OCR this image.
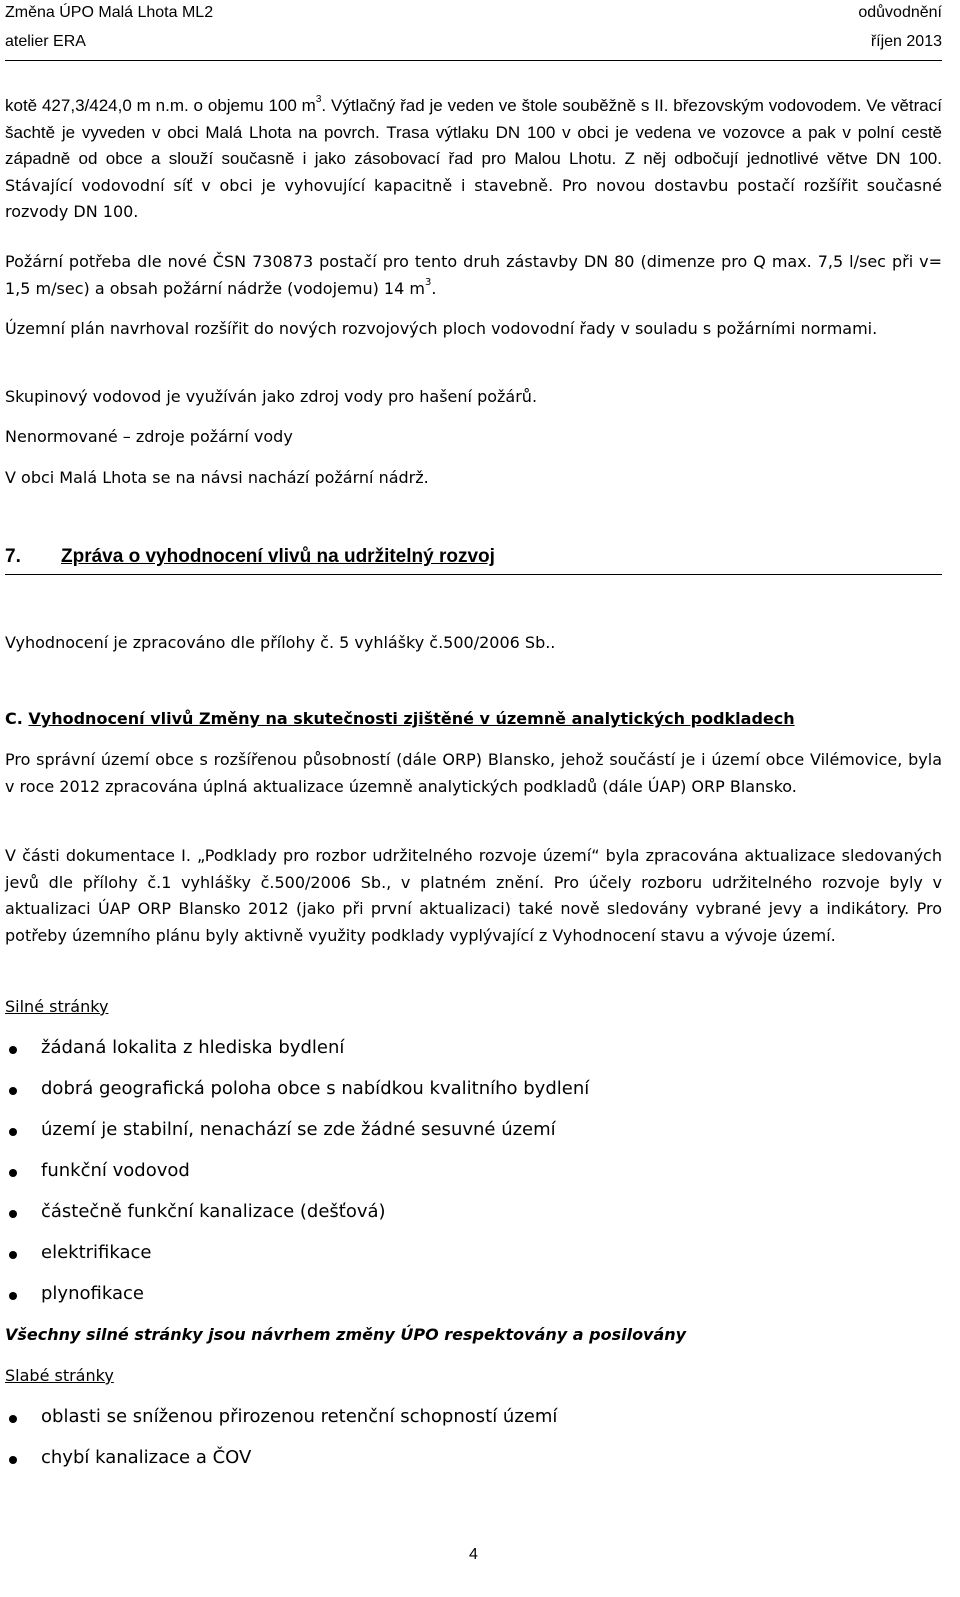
Změna ÚPO Malá Lhota ML2	odůvodnění
atelier ERA	říjen 2013
kotě 427,3/424,0 m n.m. o objemu 100 $m^3$. Výtlačný řad je veden ve štole souběžně s II. březovským vodovodem. Ve větrací šachtě je vyveden v obci Malá Lhota na povrch. Trasa výtlaku DN 100 v obci je vedena ve vozovce a pak v polní cestě západně od obce a slouží současně i jako zásobovací řad pro Malou Lhotu. Z něj odbočují jednotlivé větve DN 100. Stávající vodovodní síť v obci je vyhovující kapacitně i stavebně. Pro novou dostavbu postačí rozšířit současné rozvody DN 100.
Požární potřeba dle nové ČSN 730873 postačí pro tento druh zástavby DN 80 (dimenze pro Q max. 7,5 l/sec při v= 1,5 m/sec) a obsah požární nádrže (vodojemu) 14 $m^3$.
Územní plán navrhoval rozšířit do nových rozvojových ploch vodovodní řady v souladu s požárními normami.
Skupinový vodovod je využíván jako zdroj vody pro hašení požárů.
Nenormované – zdroje požární vody
V obci Malá Lhota se na návsi nachází požární nádrž.
7. Zpráva o vyhodnocení vlivů na udržitelný rozvoj
Vyhodnocení je zpracováno dle přílohy č. 5 vyhlášky č.500/2006 Sb..
C. Vyhodnocení vlivů Změny na skutečnosti zjištěné v územně analytických podkladech
Pro správní území obce s rozšířenou působností (dále ORP) Blansko, jehož součástí je i území obce Vilémovice, byla v roce 2012 zpracována úplná aktualizace územně analytických podkladů (dále ÚAP) ORP Blansko.
V části dokumentace I. „Podklady pro rozbor udržitelného rozvoje území“ byla zpracována aktualizace sledovaných jevů dle přílohy č.1 vyhlášky č.500/2006 Sb., v platném znění. Pro účely rozboru udržitelného rozvoje byly v aktualizaci ÚAP ORP Blansko 2012 (jako při první aktualizaci) také nově sledovány vybrané jevy a indikátory. Pro potřeby územního plánu byly aktivně využity podklady vyplývající z Vyhodnocení stavu a vývoje území.
Silné stránky
žádaná lokalita z hlediska bydlení
dobrá geografická poloha obce s nabídkou kvalitního bydlení
území je stabilní, nenachází se zde žádné sesuvné území
funkční vodovod
částečně funkční kanalizace (dešťová)
elektrifikace
plynofikace
Všechny silné stránky jsou návrhem změny ÚPO respektovány a posilovány
Slabé stránky
oblasti se sníženou přirozenou retenční schopností území
chybí kanalizace a ČOV
4
